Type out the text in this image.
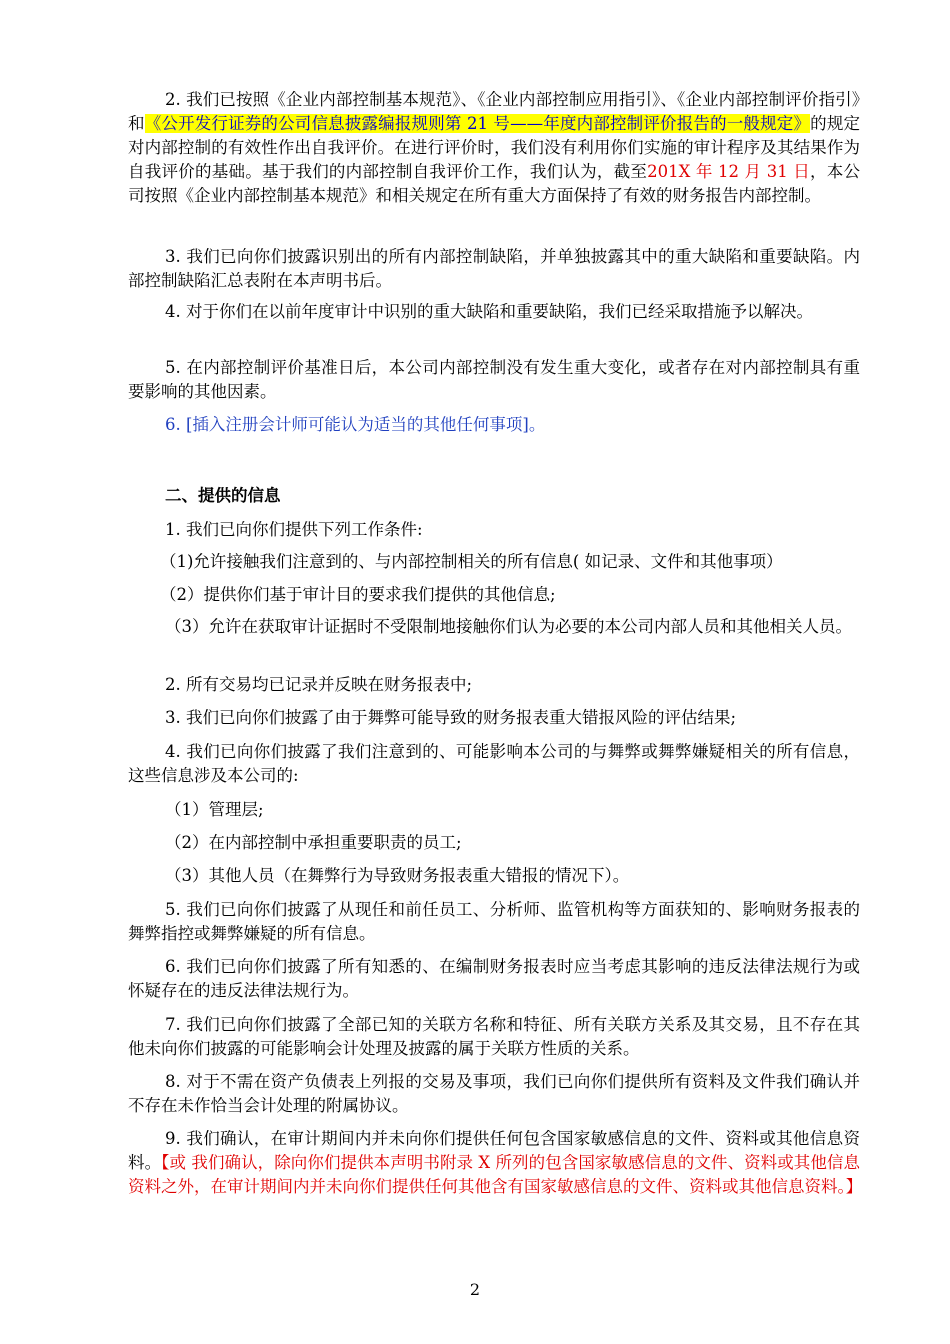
2. 我们已按照《企业内部控制基本规范》、《企业内部控制应用指引》、《企业内部控制评价指引》和《公开发行证券的公司信息披露编报规则第 21 号——年度内部控制评价报告的一般规定》的规定对内部控制的有效性作出自我评价。在进行评价时，我们没有利用你们实施的审计程序及其结果作为自我评价的基础。基于我们的内部控制自我评价工作，我们认为，截至201X 年 12 月 31 日，本公司按照《企业内部控制基本规范》和相关规定在所有重大方面保持了有效的财务报告内部控制。
3. 我们已向你们披露识别出的所有内部控制缺陷，并单独披露其中的重大缺陷和重要缺陷。内部控制缺陷汇总表附在本声明书后。
4. 对于你们在以前年度审计中识别的重大缺陷和重要缺陷，我们已经采取措施予以解决。
5. 在内部控制评价基准日后，本公司内部控制没有发生重大变化，或者存在对内部控制具有重要影响的其他因素。
6. [插入注册会计师可能认为适当的其他任何事项]。
二、提供的信息
1. 我们已向你们提供下列工作条件:
（1)允许接触我们注意到的、与内部控制相关的所有信息( 如记录、文件和其他事项）
（2）提供你们基于审计目的要求我们提供的其他信息;
（3）允许在获取审计证据时不受限制地接触你们认为必要的本公司内部人员和其他相关人员。
2. 所有交易均已记录并反映在财务报表中;
3. 我们已向你们披露了由于舞弊可能导致的财务报表重大错报风险的评估结果;
4. 我们已向你们披露了我们注意到的、可能影响本公司的与舞弊或舞弊嫌疑相关的所有信息，这些信息涉及本公司的:
（1）管理层;
（2）在内部控制中承担重要职责的员工;
（3）其他人员（在舞弊行为导致财务报表重大错报的情况下）。
5. 我们已向你们披露了从现任和前任员工、分析师、监管机构等方面获知的、影响财务报表的舞弊指控或舞弊嫌疑的所有信息。
6. 我们已向你们披露了所有知悉的、在编制财务报表时应当考虑其影响的违反法律法规行为或怀疑存在的违反法律法规行为。
7. 我们已向你们披露了全部已知的关联方名称和特征、所有关联方关系及其交易，且不存在其他未向你们披露的可能影响会计处理及披露的属于关联方性质的关系。
8. 对于不需在资产负债表上列报的交易及事项，我们已向你们提供所有资料及文件我们确认并不存在未作恰当会计处理的附属协议。
9. 我们确认，在审计期间内并未向你们提供任何包含国家敏感信息的文件、资料或其他信息资料。【或 我们确认，除向你们提供本声明书附录 X 所列的包含国家敏感信息的文件、资料或其他信息资料之外，在审计期间内并未向你们提供任何其他含有国家敏感信息的文件、资料或其他信息资料。】
2
